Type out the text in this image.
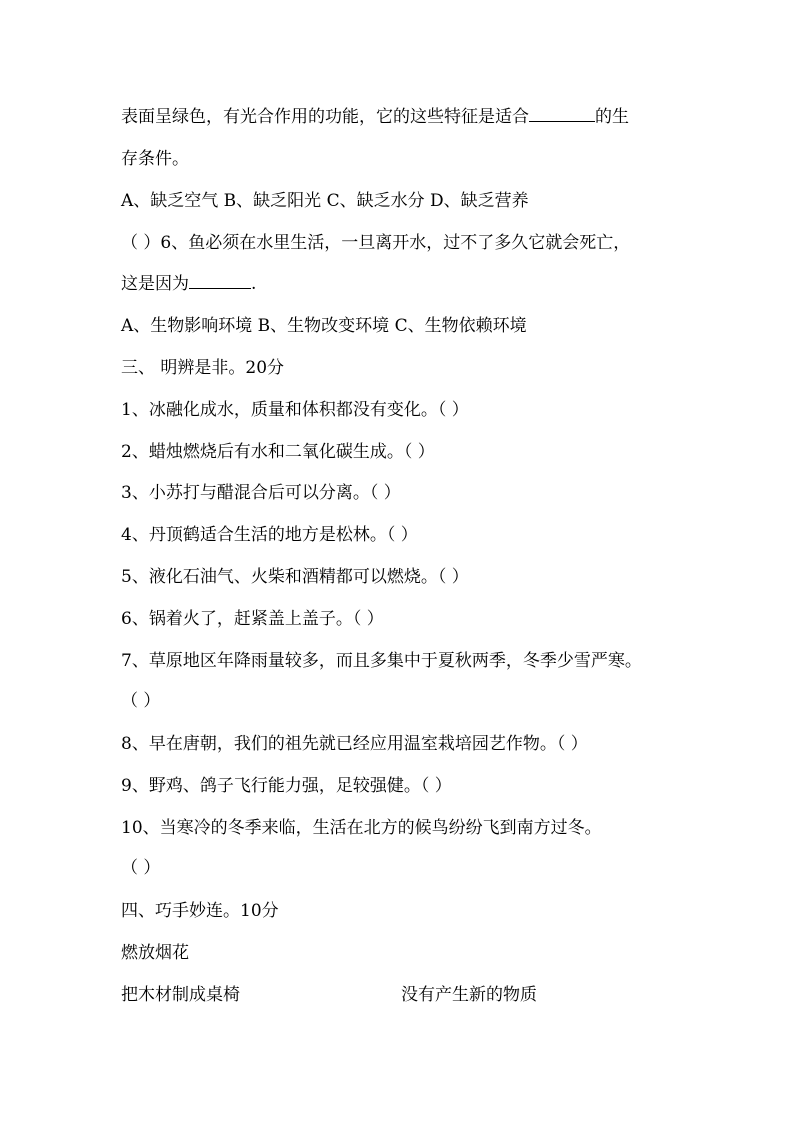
表面呈绿色，有光合作用的功能，它的这些特征是适合	的生
存条件。
A、缺乏空气 B、缺乏阳光 C、缺乏水分 D、缺乏营养
（ ）6、鱼必须在水里生活，一旦离开水，过不了多久它就会死亡，
这是因为	.
A、生物影响环境 B、生物改变环境 C、生物依赖环境
三、 明辨是非。20分
1、冰融化成水，质量和体积都没有变化。（ ）
2、蜡烛燃烧后有水和二氧化碳生成。（ ）
3、小苏打与醋混合后可以分离。（ ）
4、丹顶鹤适合生活的地方是松林。（ ）
5、液化石油气、火柴和酒精都可以燃烧。（ ）
6、锅着火了，赶紧盖上盖子。（ ）
7、草原地区年降雨量较多，而且多集中于夏秋两季，冬季少雪严寒。
（ ）
8、早在唐朝，我们的祖先就已经应用温室栽培园艺作物。（ ）
9、野鸡、鸽子飞行能力强，足较强健。（ ）
10、当寒冷的冬季来临，生活在北方的候鸟纷纷飞到南方过冬。
（ ）
四、巧手妙连。10分
燃放烟花
把木材制成桌椅	没有产生新的物质
